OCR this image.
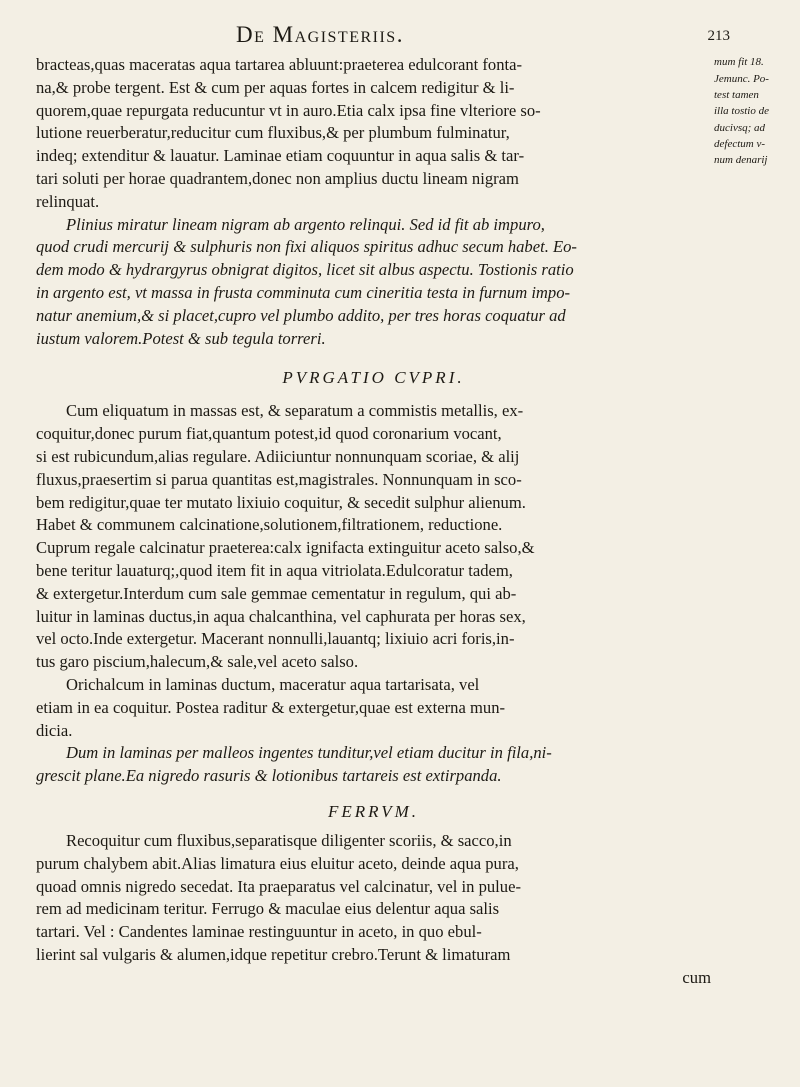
De Magisteriis.	213
bracteas,quas maceratas aqua tartarea abluunt:praeterea edulcorant fonta-
na,& probe tergent. Est & cum per aquas fortes in calcem redigitur & li-
quorem,quae repurgata reducuntur vt in auro.Etia calx ipsa fine vlteriore so-
lutione reuerberatur,reducitur cum fluxibus,& per plumbum fulminatur,
indeq; extenditur & lauatur. Laminae etiam coquuntur in aqua salis & tar-
tari soluti per horae quadrantem,donec non amplius ductu lineam nigram
relinquat.
mum fit 18.
Jemunc. Po-
test tamen
illa tostio de
ducivsq; ad
defectum v-
num denarij
Plinius miratur lineam nigram ab argento relinqui. Sed id fit ab impuro,
quod crudi mercurij & sulphuris non fixi aliquos spiritus adhuc secum habet. Eo-
dem modo & hydrargyrus obnigrat digitos, licet sit albus aspectu. Tostionis ratio
in argento est, vt massa in frusta comminuta cum cineritia testa in furnum impo-
natur anemium,& si placet,cupro vel plumbo addito, per tres horas coquatur ad
iustum valorem.Potest & sub tegula torreri.
PVRGATIO CVPRI.
Cum eliquatum in massas est, & separatum a commistis metallis, ex-
coquitur,donec purum fiat,quantum potest,id quod coronarium vocant,
si est rubicundum,alias regulare. Adiiciuntur nonnunquam scoriae, & alij
fluxus,praesertim si parua quantitas est,magistrales. Nonnunquam in sco-
bem redigitur,quae ter mutato lixiuio coquitur, & secedit sulphur alienum.
Habet & communem calcinatione,solutionem,filtrationem, reductione.
Cuprum regale calcinatur praeterea:calx ignifacta extinguitur aceto salso,&
bene teritur lauaturq;,quod item fit in aqua vitriolata.Edulcoratur tadem,
& extergetur.Interdum cum sale gemmae cementatur in regulum, qui ab-
luitur in laminas ductus,in aqua chalcanthina, vel caphurata per horas sex,
vel octo.Inde extergetur. Macerant nonnulli,lauantq; lixiuio acri foris,in-
tus garo piscium,halecum,& sale,vel aceto salso.
Orichalcum in laminas ductum, maceratur aqua tartarisata, vel
etiam in ea coquitur. Postea raditur & extergetur,quae est externa mun-
dicia.
Dum in laminas per malleos ingentes tunditur,vel etiam ducitur in fila,ni-
grescit plane.Ea nigredo rasuris & lotionibus tartareis est extirpanda.
FERRVM.
Recoquitur cum fluxibus,separatisque diligenter scoriis, & sacco,in
purum chalybem abit.Alias limatura eius eluitur aceto, deinde aqua pura,
quoad omnis nigredo secedat. Ita praeparatus vel calcinatur, vel in pulue-
rem ad medicinam teritur. Ferrugo & maculae eius delentur aqua salis
tartari. Vel : Candentes laminae restinguuntur in aceto, in quo ebul-
lierint sal vulgaris & alumen,idque repetitur crebro.Terunt & limaturam
cum
